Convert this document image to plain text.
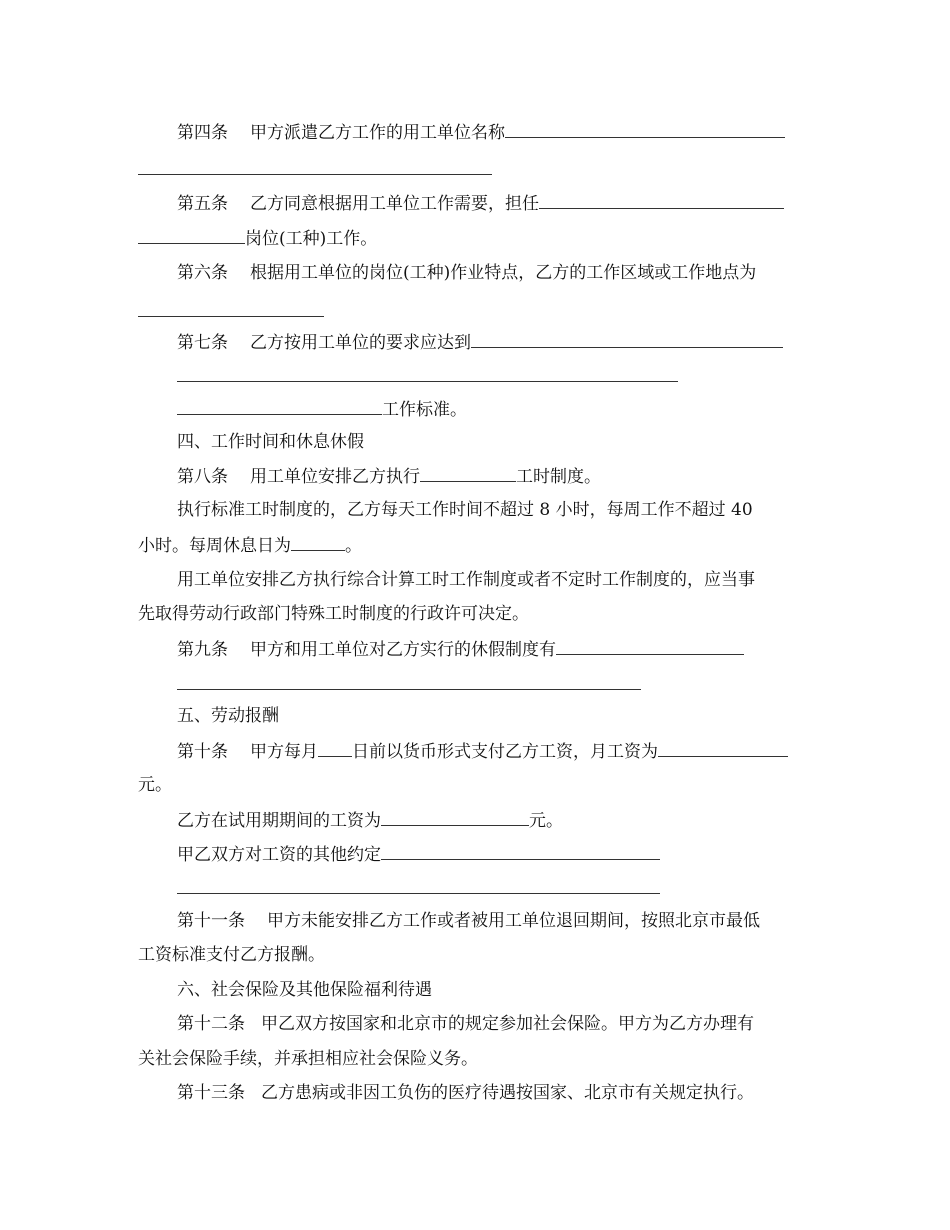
第四条 甲方派遣乙方工作的用工单位名称
第五条 乙方同意根据用工单位工作需要，担任
岗位(工种)工作。
第六条 根据用工单位的岗位(工种)作业特点，乙方的工作区域或工作地点为
第七条 乙方按用工单位的要求应达到
工作标准。
四、工作时间和休息休假
第八条 用工单位安排乙方执行	工时制度。
执行标准工时制度的，乙方每天工作时间不超过 8 小时，每周工作不超过 40
小时。每周休息日为	。
用工单位安排乙方执行综合计算工时工作制度或者不定时工作制度的，应当事
先取得劳动行政部门特殊工时制度的行政许可决定。
第九条 甲方和用工单位对乙方实行的休假制度有
五、劳动报酬
第十条 甲方每月 日前以货币形式支付乙方工资，月工资为
元。
乙方在试用期期间的工资为	元。
甲乙双方对工资的其他约定
第十一条 甲方未能安排乙方工作或者被用工单位退回期间，按照北京市最低
工资标准支付乙方报酬。
六、社会保险及其他保险福利待遇
第十二条 甲乙双方按国家和北京市的规定参加社会保险。甲方为乙方办理有
关社会保险手续，并承担相应社会保险义务。
第十三条 乙方患病或非因工负伤的医疗待遇按国家、北京市有关规定执行。
